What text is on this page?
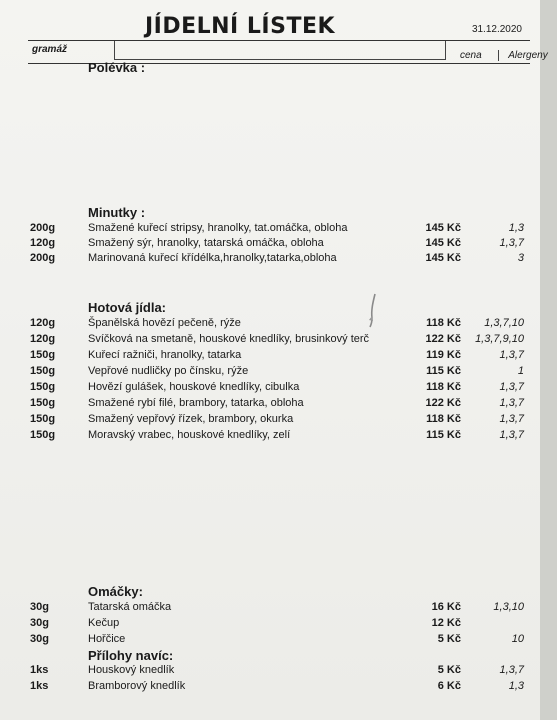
JÍDELNÍ LÍSTEK	31.12.2020
gramáž
cena	Alergeny
Polévka :
Minutky :
200g	Smažené kuřecí stripsy, hranolky, tat.omáčka, obloha	145 Kč	1,3
120g	Smažený sýr, hranolky, tatarská omáčka, obloha	145 Kč	1,3,7
200g	Marinovaná kuřecí křídélka,hranolky,tatarka,obloha	145 Kč	3
Hotová jídla:
120g	Španělská hovězí pečeně, rýže	118 Kč	1,3,7,10
120g	Svíčková na smetaně, houskové knedlíky, brusinkový terč	122 Kč	1,3,7,9,10
150g	Kuřecí ražniči, hranolky, tatarka	119 Kč	1,3,7
150g	Vepřové nudličky po čínsku, rýže	115 Kč	1
150g	Hovězí gulášek, houskové knedlíky, cibulka	118 Kč	1,3,7
150g	Smažené rybí filé, brambory, tatarka, obloha	122 Kč	1,3,7
150g	Smažený vepřový řízek, brambory, okurka	118 Kč	1,3,7
150g	Moravský vrabec, houskové knedlíky, zelí	115 Kč	1,3,7
Omáčky:
30g	Tatarská omáčka	16 Kč	1,3,10
30g	Kečup	12 Kč
30g	Hořčice	5 Kč	10
Přílohy navíc:
1ks	Houskový knedlík	5 Kč	1,3,7
1ks	Bramborový knedlík	6 Kč	1,3
